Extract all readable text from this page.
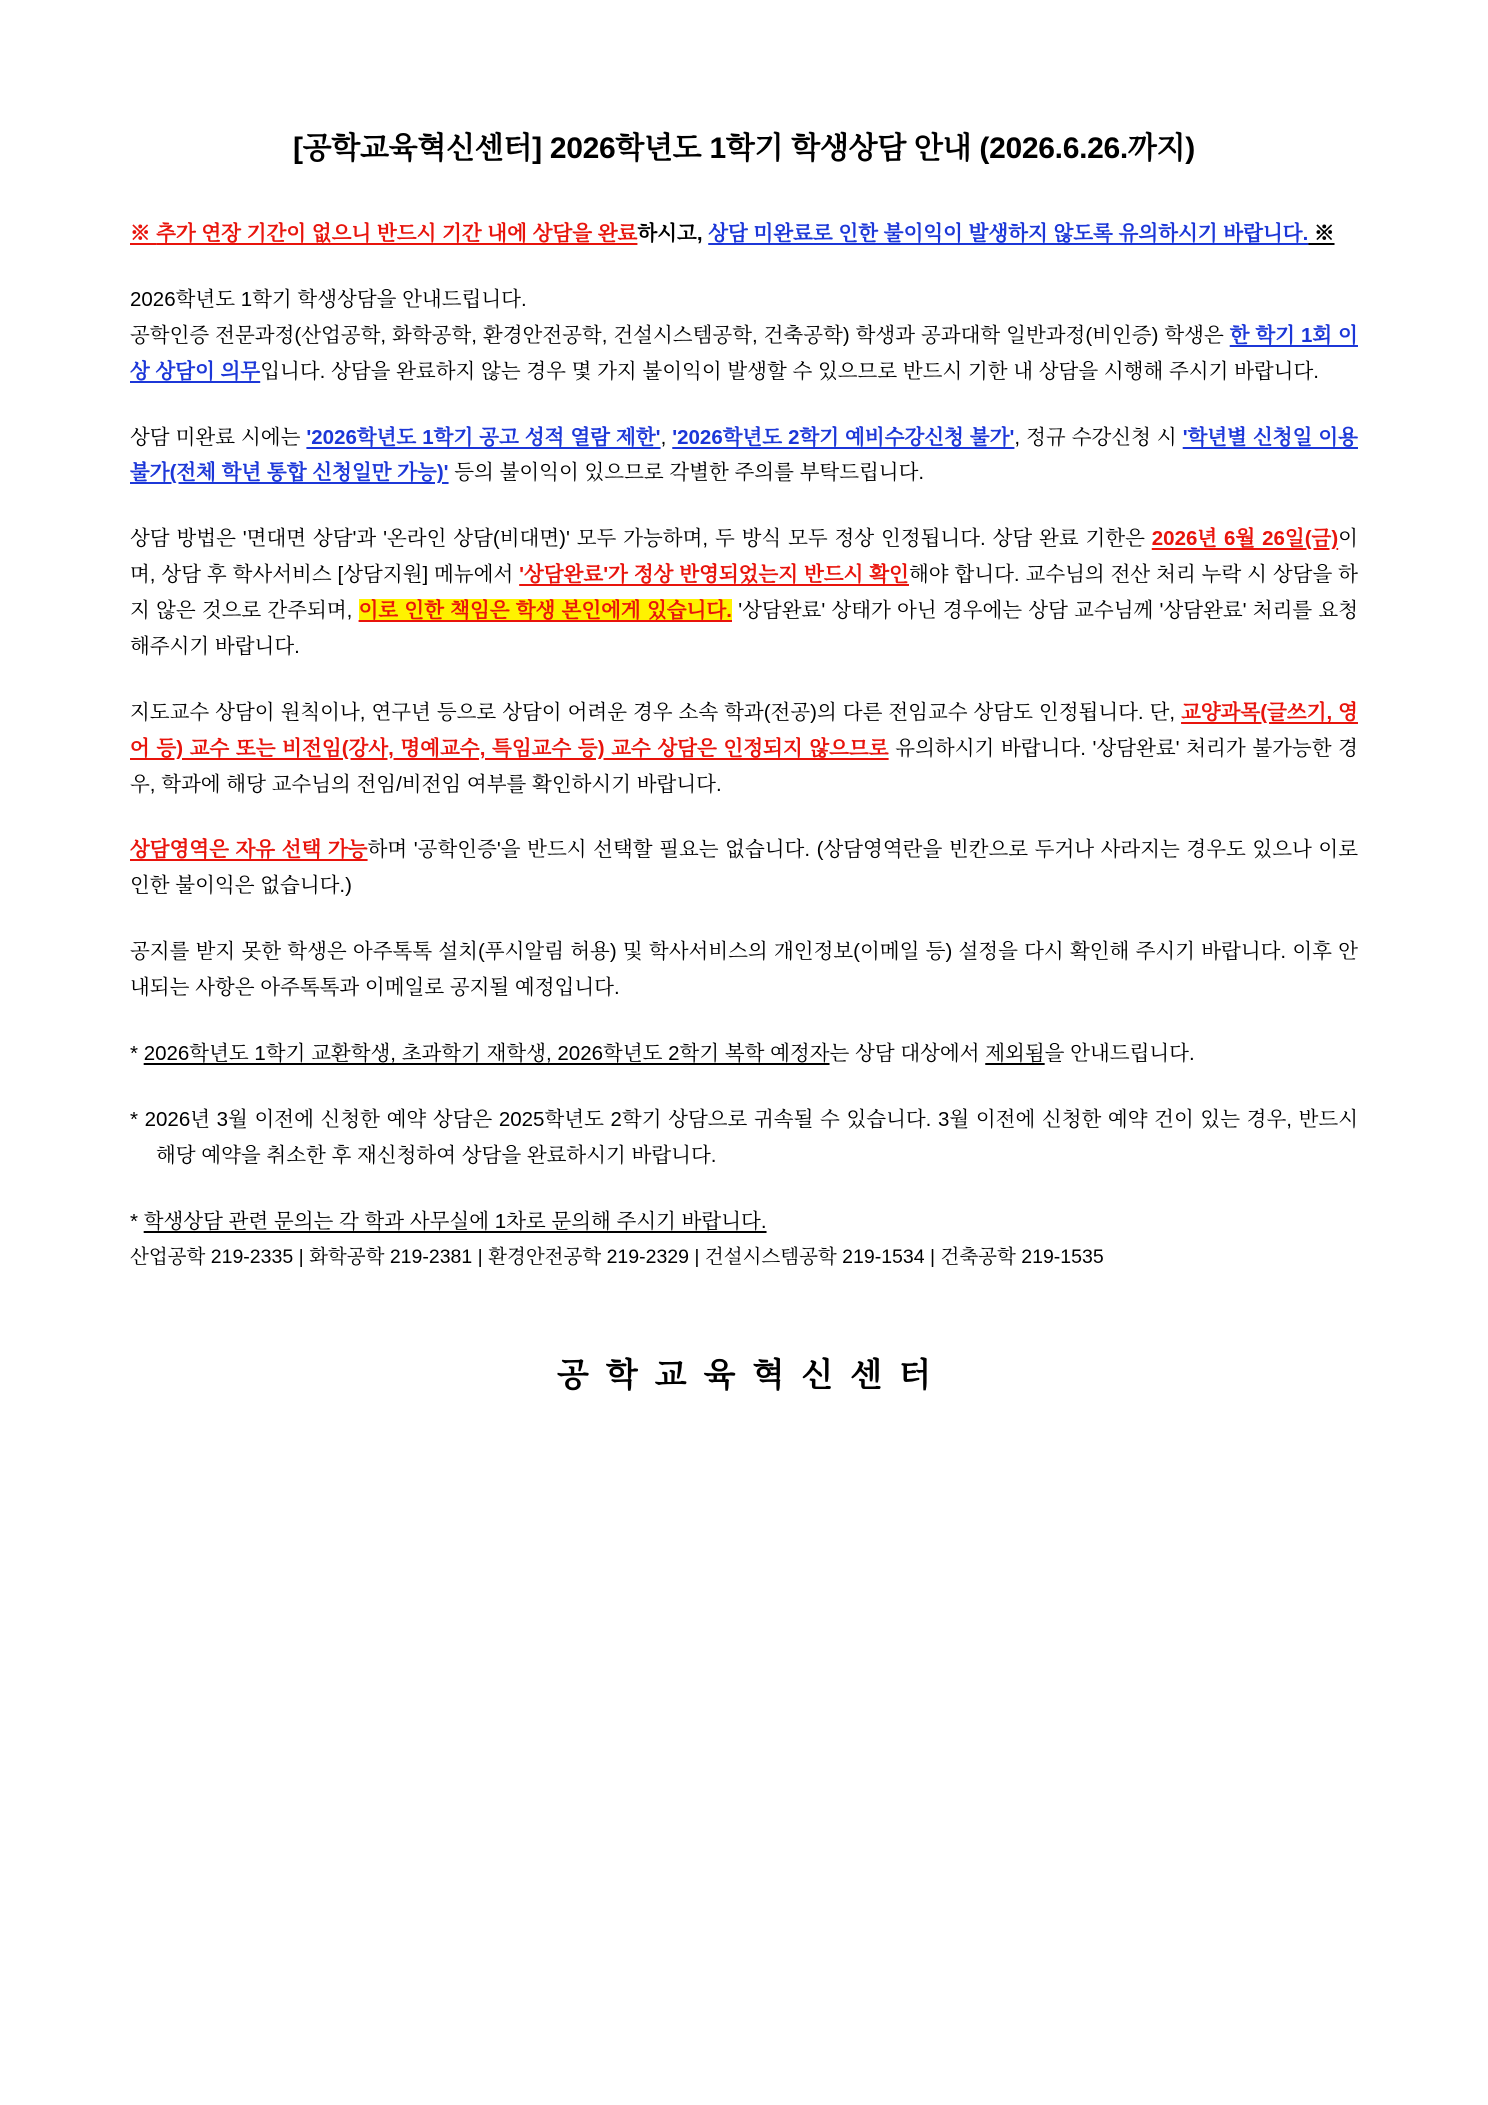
[공학교육혁신센터] 2026학년도 1학기 학생상담 안내 (2026.6.26.까지)

※ 추가 연장 기간이 없으니 반드시 기간 내에 상담을 완료하시고, 상담 미완료로 인한 불이익이 발생하지 않도록 유의하시기 바랍니다. ※

2026학년도 1학기 학생상담을 안내드립니다.

공학인증 전문과정(산업공학, 화학공학, 환경안전공학, 건설시스템공학, 건축공학) 학생과 공과대학 일반과정(비인증) 학생은 한 학기 1회 이상 상담이 의무입니다. 상담을 완료하지 않는 경우 몇 가지 불이익이 발생할 수 있으므로 반드시 기한 내 상담을 시행해 주시기 바랍니다.

상담 미완료 시에는 '2026학년도 1학기 공고 성적 열람 제한', '2026학년도 2학기 예비수강신청 불가', 정규 수강신청 시 '학년별 신청일 이용 불가(전체 학년 통합 신청일만 가능)' 등의 불이익이 있으므로 각별한 주의를 부탁드립니다.

상담 방법은 '면대면 상담'과 '온라인 상담(비대면)' 모두 가능하며, 두 방식 모두 정상 인정됩니다. 상담 완료 기한은 2026년 6월 26일(금)이며, 상담 후 학사서비스 [상담지원] 메뉴에서 '상담완료'가 정상 반영되었는지 반드시 확인해야 합니다. 교수님의 전산 처리 누락 시 상담을 하지 않은 것으로 간주되며, 이로 인한 책임은 학생 본인에게 있습니다. '상담완료' 상태가 아닌 경우에는 상담 교수님께 '상담완료' 처리를 요청해주시기 바랍니다.

지도교수 상담이 원칙이나, 연구년 등으로 상담이 어려운 경우 소속 학과(전공)의 다른 전임교수 상담도 인정됩니다. 단, 교양과목(글쓰기, 영어 등) 교수 또는 비전임(강사, 명예교수, 특임교수 등) 교수 상담은 인정되지 않으므로 유의하시기 바랍니다. '상담완료' 처리가 불가능한 경우, 학과에 해당 교수님의 전임/비전임 여부를 확인하시기 바랍니다.

상담영역은 자유 선택 가능하며 '공학인증'을 반드시 선택할 필요는 없습니다. (상담영역란을 빈칸으로 두거나 사라지는 경우도 있으나 이로 인한 불이익은 없습니다.)

공지를 받지 못한 학생은 아주톡톡 설치(푸시알림 허용) 및 학사서비스의 개인정보(이메일 등) 설정을 다시 확인해 주시기 바랍니다. 이후 안내되는 사항은 아주톡톡과 이메일로 공지될 예정입니다.

* 2026학년도 1학기 교환학생, 초과학기 재학생, 2026학년도 2학기 복학 예정자는 상담 대상에서 제외됨을 안내드립니다.

* 2026년 3월 이전에 신청한 예약 상담은 2025학년도 2학기 상담으로 귀속될 수 있습니다. 3월 이전에 신청한 예약 건이 있는 경우, 반드시 해당 예약을 취소한 후 재신청하여 상담을 완료하시기 바랍니다.

* 학생상담 관련 문의는 각 학과 사무실에 1차로 문의해 주시기 바랍니다.

산업공학 219-2335 | 화학공학 219-2381 | 환경안전공학 219-2329 | 건설시스템공학 219-1534 | 건축공학 219-1535

공학교육혁신센터
